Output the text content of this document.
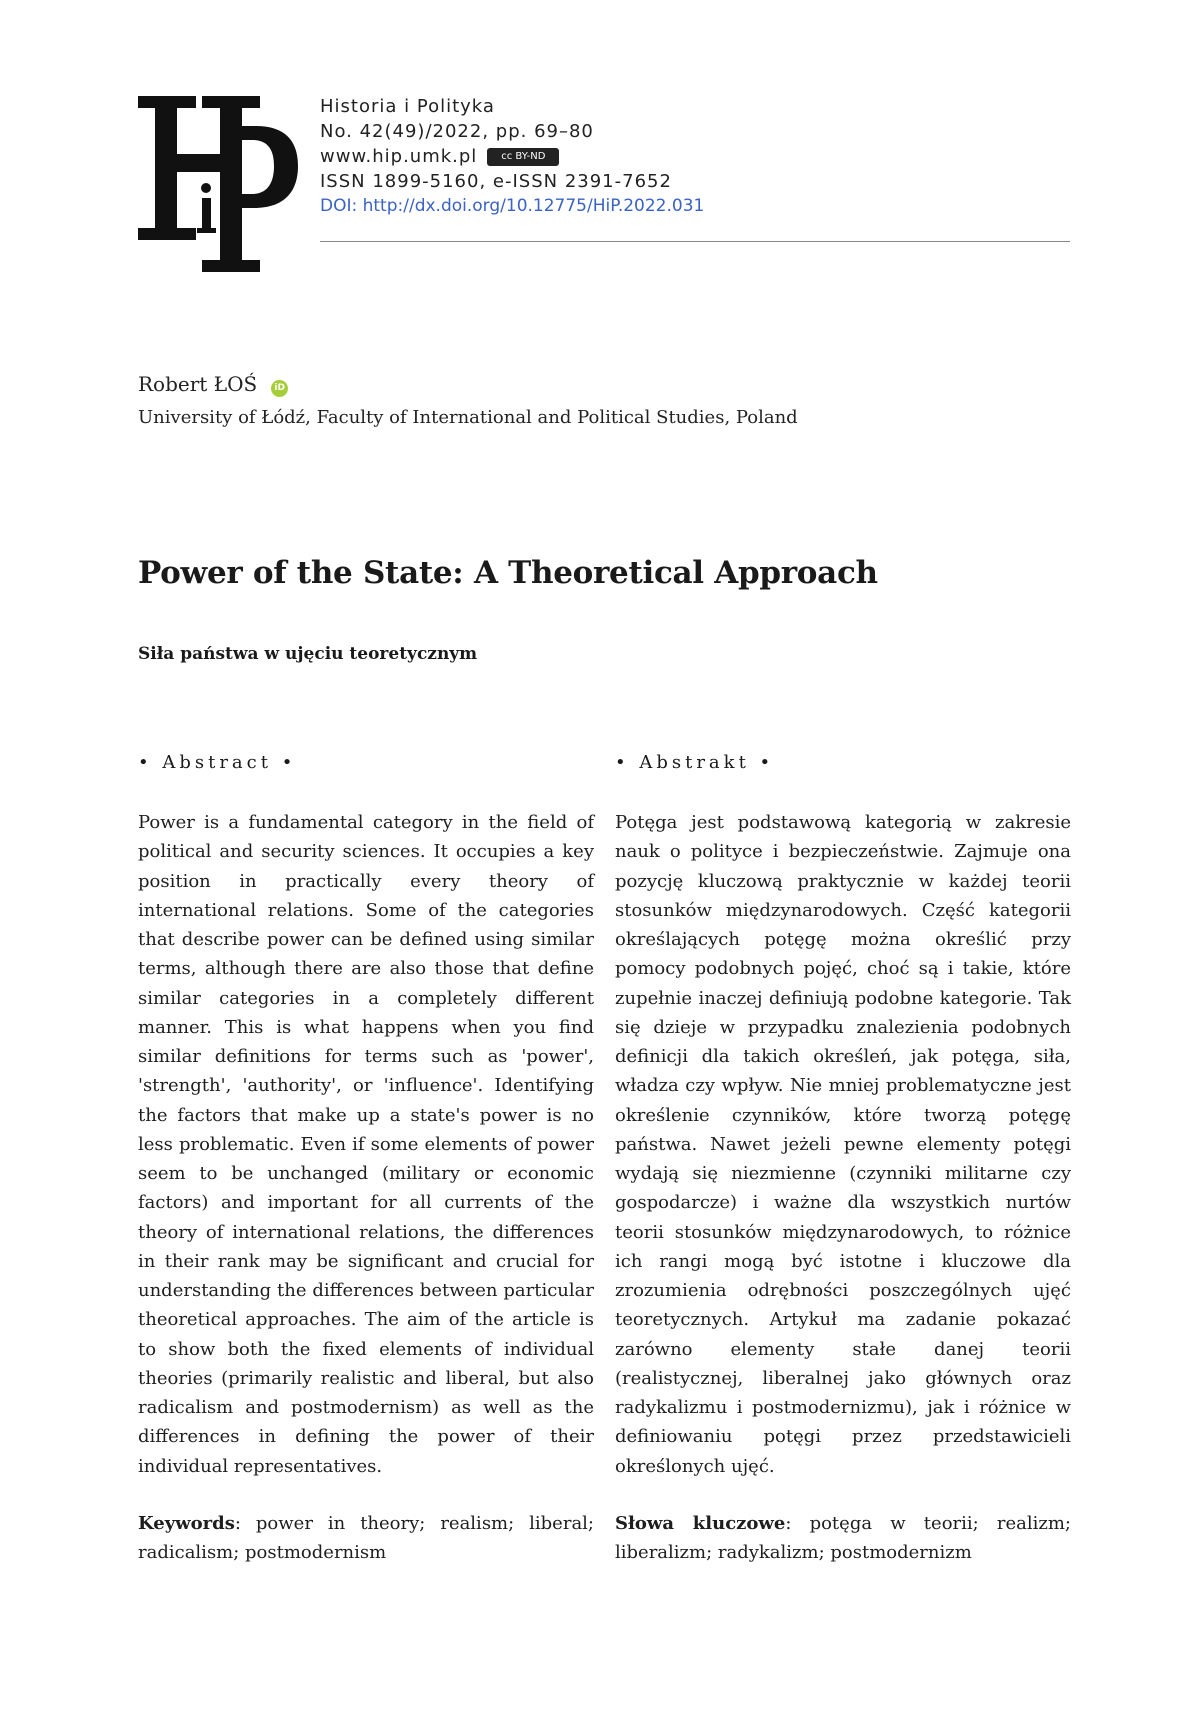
Historia i Polityka
No. 42(49)/2022, pp. 69–80
www.hip.umk.pl cc BY-ND
ISSN 1899-5160, e-ISSN 2391-7652
DOI: http://dx.doi.org/10.12775/HiP.2022.031
Robert ŁOŚ iD
University of Łódź, Faculty of International and Political Studies, Poland
Power of the State: A Theoretical Approach
Siła państwa w ujęciu teoretycznym
• Abstract •

Power is a fundamental category in the field of political and security sciences. It occupies a key position in practically every theory of international relations. Some of the categories that describe power can be defined using similar terms, although there are also those that define similar categories in a completely different manner. This is what happens when you find similar definitions for terms such as 'power', 'strength', 'authority', or 'influence'. Identifying the factors that make up a state's power is no less problematic. Even if some elements of power seem to be unchanged (military or economic factors) and important for all currents of the theory of international relations, the differences in their rank may be significant and crucial for understanding the differences between particular theoretical approaches. The aim of the article is to show both the fixed elements of individual theories (primarily realistic and liberal, but also radicalism and postmodernism) as well as the differences in defining the power of their individual representatives.

Keywords: power in theory; realism; liberal; radicalism; postmodernism

• Abstrakt •

Potęga jest podstawową kategorią w zakresie nauk o polityce i bezpieczeństwie. Zajmuje ona pozycję kluczową praktycznie w każdej teorii stosunków międzynarodowych. Część kategorii określających potęgę można określić przy pomocy podobnych pojęć, choć są i takie, które zupełnie inaczej definiują podobne kategorie. Tak się dzieje w przypadku znalezienia podobnych definicji dla takich określeń, jak potęga, siła, władza czy wpływ. Nie mniej problematyczne jest określenie czynników, które tworzą potęgę państwa. Nawet jeżeli pewne elementy potęgi wydają się niezmienne (czynniki militarne czy gospodarcze) i ważne dla wszystkich nurtów teorii stosunków międzynarodowych, to różnice ich rangi mogą być istotne i kluczowe dla zrozumienia odrębności poszczególnych ujęć teoretycznych. Artykuł ma zadanie pokazać zarówno elementy stałe danej teorii (realistycznej, liberalnej jako głównych oraz radykalizmu i postmodernizmu), jak i różnice w definiowaniu potęgi przez przedstawicieli określonych ujęć.

Słowa kluczowe: potęga w teorii; realizm; liberalizm; radykalizm; postmodernizm
